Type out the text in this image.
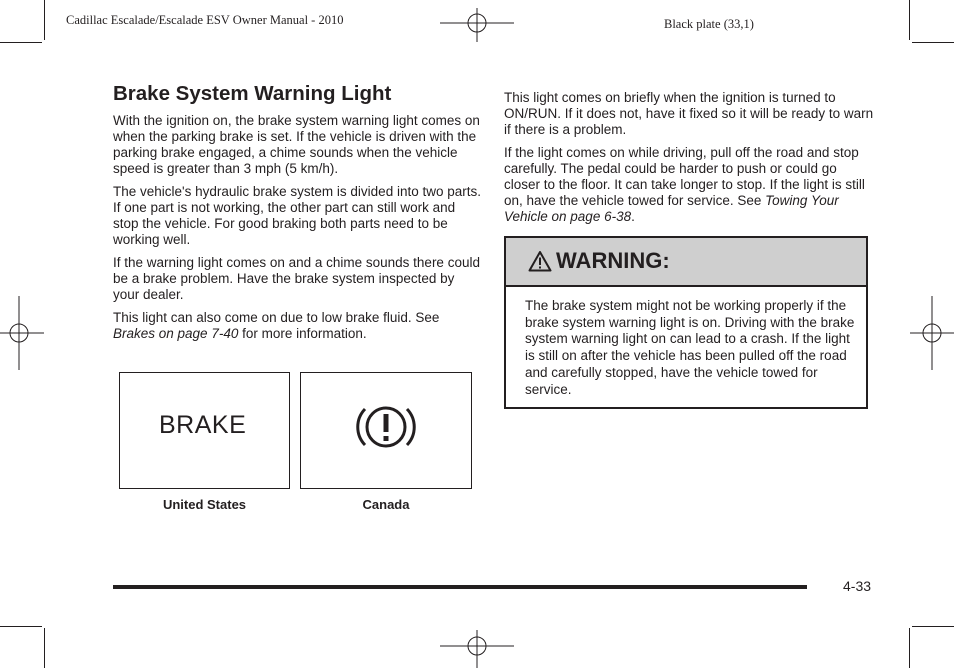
Cadillac Escalade/Escalade ESV Owner Manual - 2010	Black plate (33,1)
Brake System Warning Light

With the ignition on, the brake system warning light comes on when the parking brake is set. If the vehicle is driven with the parking brake engaged, a chime sounds when the vehicle speed is greater than 3 mph (5 km/h).

The vehicle's hydraulic brake system is divided into two parts. If one part is not working, the other part can still work and stop the vehicle. For good braking both parts need to be working well.

If the warning light comes on and a chime sounds there could be a brake problem. Have the brake system inspected by your dealer.

This light can also come on due to low brake fluid. See Brakes on page 7-40 for more information.

BRAKE
United States	Canada

This light comes on briefly when the ignition is turned to ON/RUN. If it does not, have it fixed so it will be ready to warn if there is a problem.

If the light comes on while driving, pull off the road and stop carefully. The pedal could be harder to push or could go closer to the floor. It can take longer to stop. If the light is still on, have the vehicle towed for service. See Towing Your Vehicle on page 6-38.

WARNING:
The brake system might not be working properly if the brake system warning light is on. Driving with the brake system warning light on can lead to a crash. If the light is still on after the vehicle has been pulled off the road and carefully stopped, have the vehicle towed for service.
4-33
